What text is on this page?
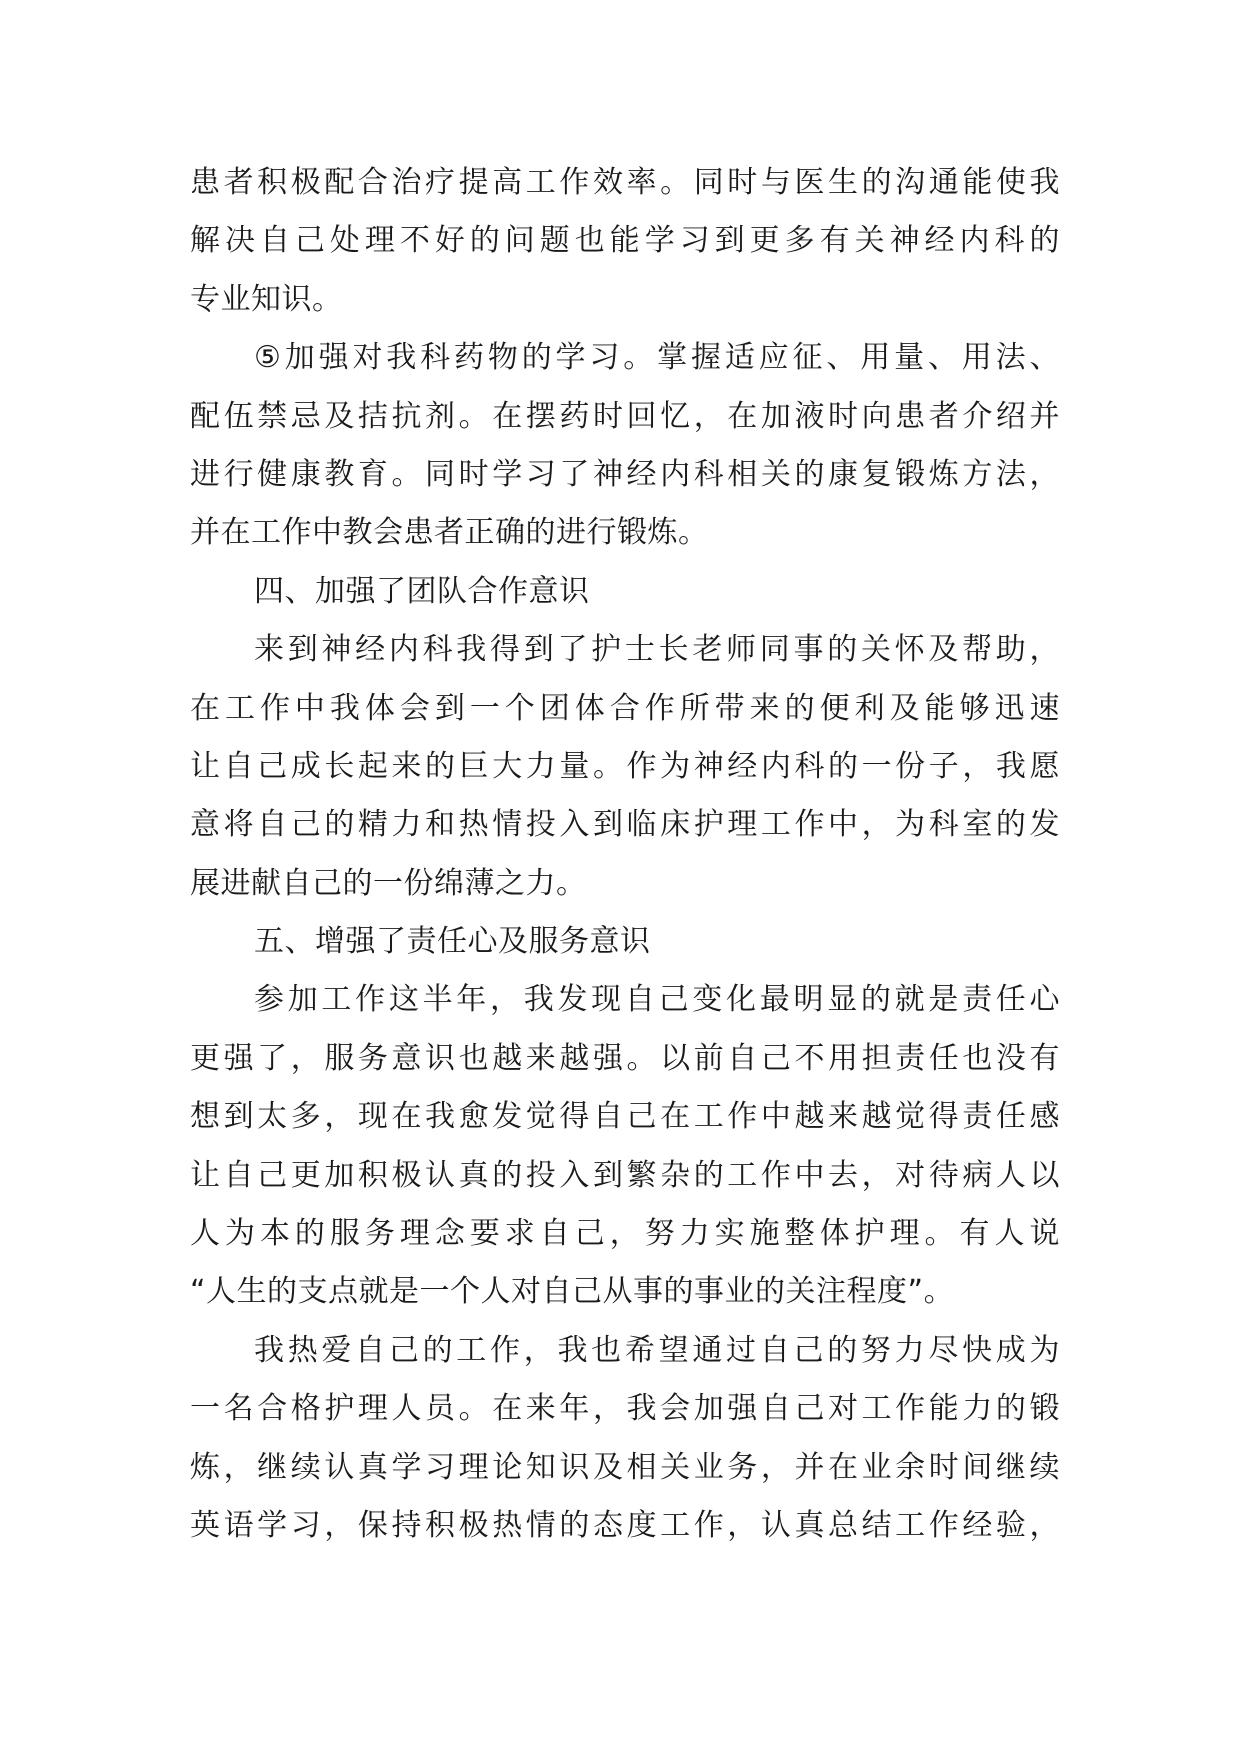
患者积极配合治疗提高工作效率。同时与医生的沟通能使我
解决自己处理不好的问题也能学习到更多有关神经内科的
专业知识。
⑤加强对我科药物的学习。掌握适应征、用量、用法、
配伍禁忌及拮抗剂。在摆药时回忆，在加液时向患者介绍并
进行健康教育。同时学习了神经内科相关的康复锻炼方法，
并在工作中教会患者正确的进行锻炼。
四、加强了团队合作意识
来到神经内科我得到了护士长老师同事的关怀及帮助，
在工作中我体会到一个团体合作所带来的便利及能够迅速
让自己成长起来的巨大力量。作为神经内科的一份子，我愿
意将自己的精力和热情投入到临床护理工作中，为科室的发
展进献自己的一份绵薄之力。
五、增强了责任心及服务意识
参加工作这半年，我发现自己变化最明显的就是责任心
更强了，服务意识也越来越强。以前自己不用担责任也没有
想到太多，现在我愈发觉得自己在工作中越来越觉得责任感
让自己更加积极认真的投入到繁杂的工作中去，对待病人以
人为本的服务理念要求自己，努力实施整体护理。有人说
“人生的支点就是一个人对自己从事的事业的关注程度”。
我热爱自己的工作，我也希望通过自己的努力尽快成为
一名合格护理人员。在来年，我会加强自己对工作能力的锻
炼，继续认真学习理论知识及相关业务，并在业余时间继续
英语学习，保持积极热情的态度工作，认真总结工作经验，
